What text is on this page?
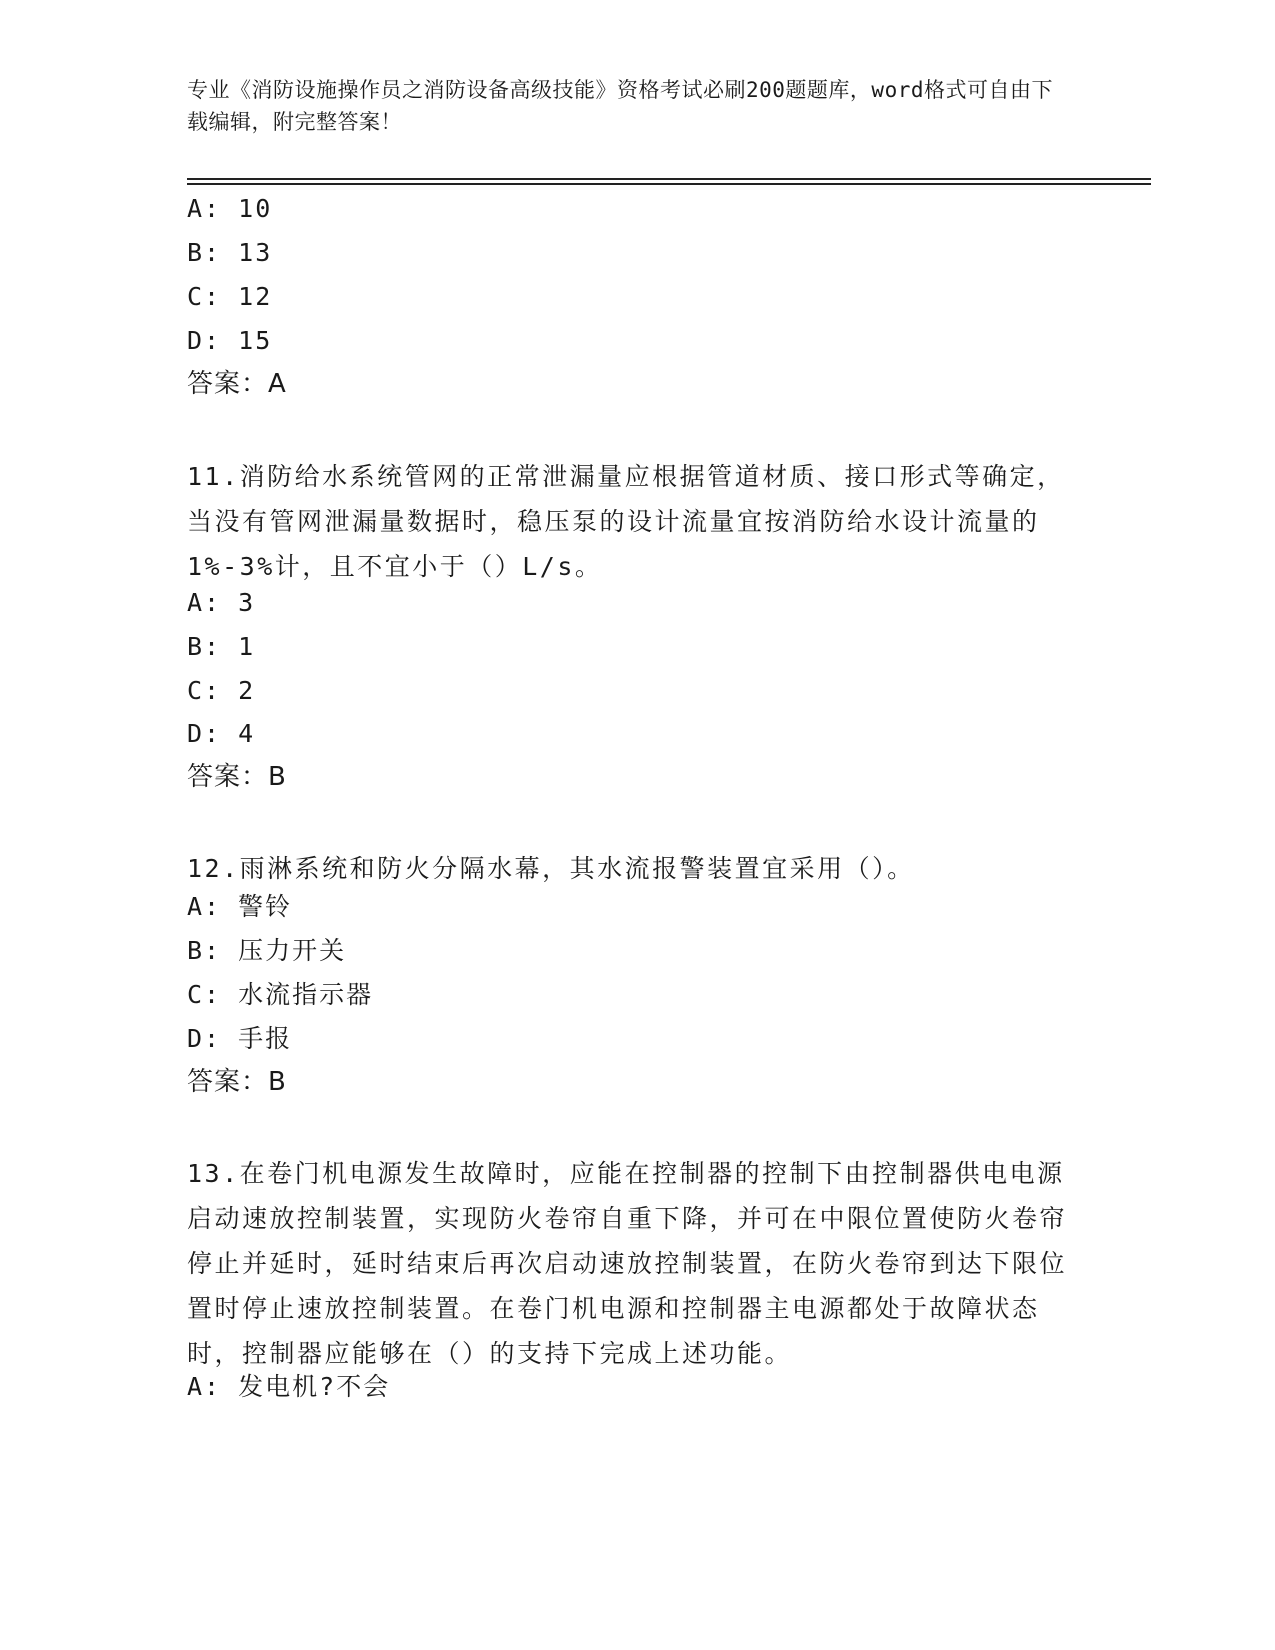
专业《消防设施操作员之消防设备高级技能》资格考试必刷200题题库，word格式可自由下载编辑，附完整答案！
A: 10
B: 13
C: 12
D: 15
答案：A
11.消防给水系统管网的正常泄漏量应根据管道材质、接口形式等确定，当没有管网泄漏量数据时，稳压泵的设计流量宜按消防给水设计流量的1%-3%计，且不宜小于（）L/s。
A: 3
B: 1
C: 2
D: 4
答案：B
12.雨淋系统和防火分隔水幕，其水流报警装置宜采用（）。
A: 警铃
B: 压力开关
C: 水流指示器
D: 手报
答案：B
13.在卷门机电源发生故障时，应能在控制器的控制下由控制器供电电源启动速放控制装置，实现防火卷帘自重下降，并可在中限位置使防火卷帘停止并延时，延时结束后再次启动速放控制装置，在防火卷帘到达下限位置时停止速放控制装置。在卷门机电源和控制器主电源都处于故障状态时，控制器应能够在（）的支持下完成上述功能。
A: 发电机?不会
